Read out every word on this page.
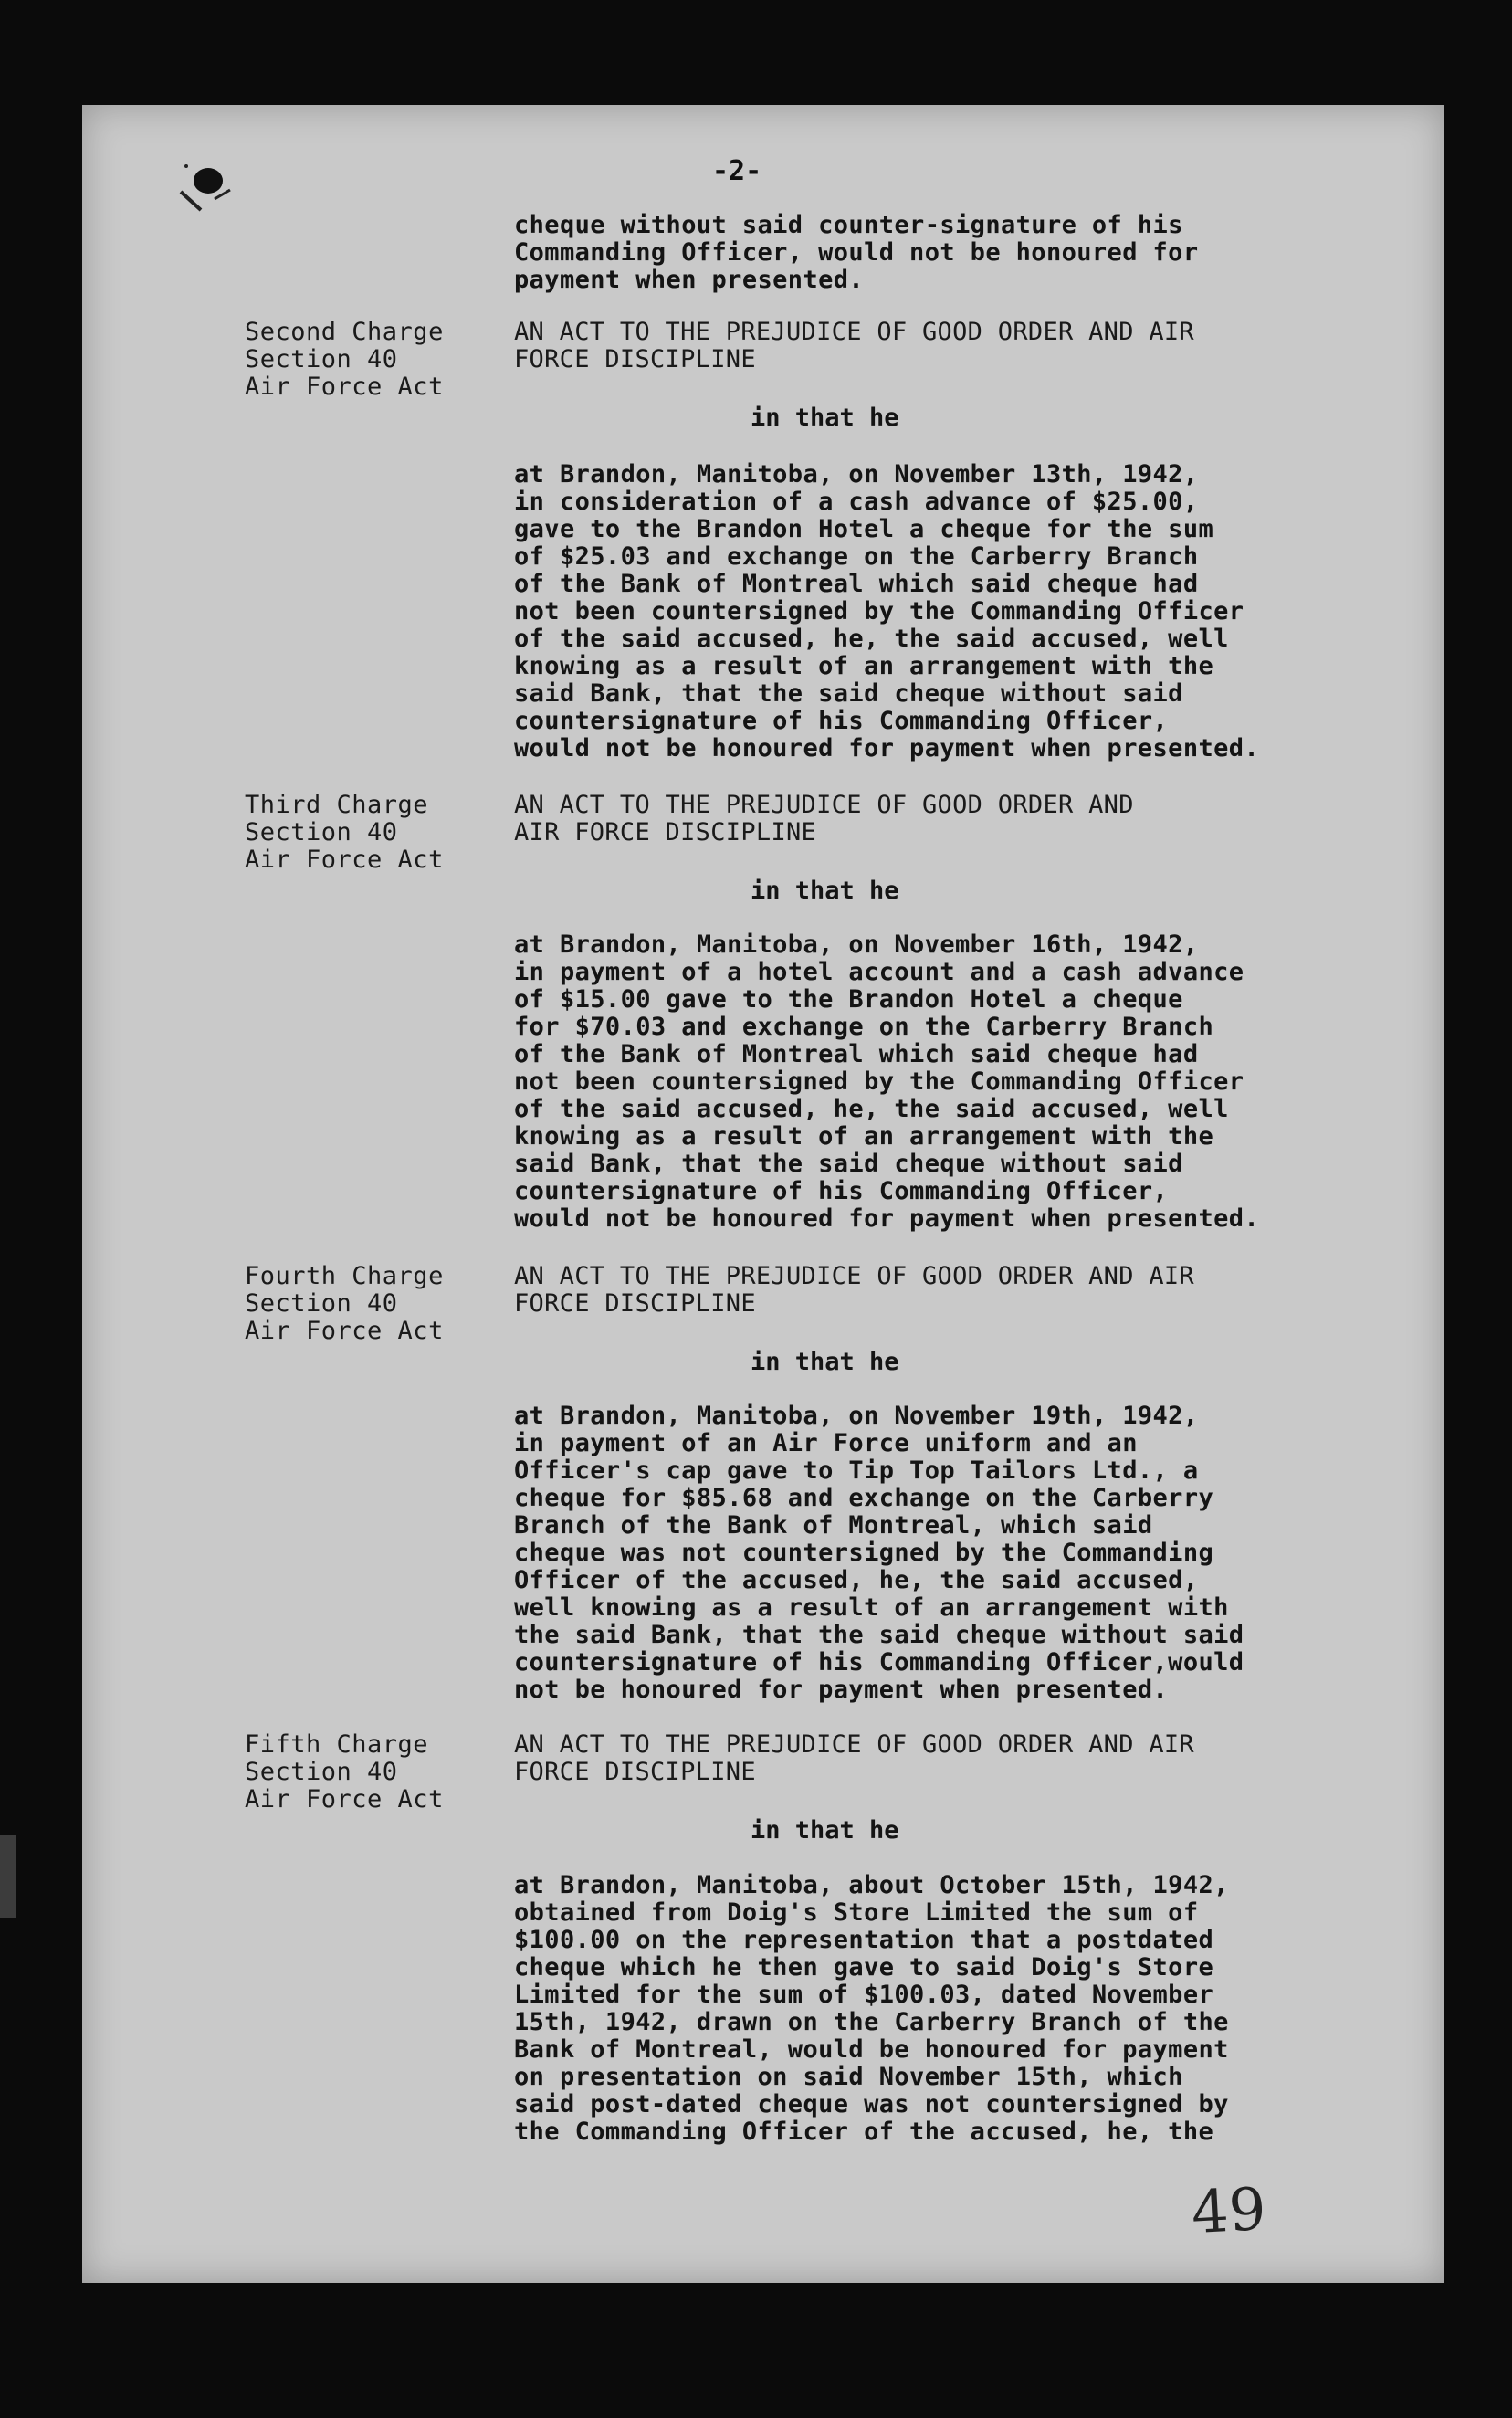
-2-
cheque without said counter-signature of his
Commanding Officer, would not be honoured for
payment when presented.
Second Charge
Section 40
Air Force Act
AN ACT TO THE PREJUDICE OF GOOD ORDER AND AIR
FORCE DISCIPLINE
in that he
at Brandon, Manitoba, on November 13th, 1942,
in consideration of a cash advance of $25.00,
gave to the Brandon Hotel a cheque for the sum
of $25.03 and exchange on the Carberry Branch
of the Bank of Montreal which said cheque had
not been countersigned by the Commanding Officer
of the said accused, he, the said accused, well
knowing as a result of an arrangement with the
said Bank, that the said cheque without said
countersignature of his Commanding Officer,
would not be honoured for payment when presented.
Third Charge
Section 40
Air Force Act
AN ACT TO THE PREJUDICE OF GOOD ORDER AND
AIR FORCE DISCIPLINE
in that he
at Brandon, Manitoba, on November 16th, 1942,
in payment of a hotel account and a cash advance
of $15.00 gave to the Brandon Hotel a cheque
for $70.03 and exchange on the Carberry Branch
of the Bank of Montreal which said cheque had
not been countersigned by the Commanding Officer
of the said accused, he, the said accused, well
knowing as a result of an arrangement with the
said Bank, that the said cheque without said
countersignature of his Commanding Officer,
would not be honoured for payment when presented.
Fourth Charge
Section 40
Air Force Act
AN ACT TO THE PREJUDICE OF GOOD ORDER AND AIR
FORCE DISCIPLINE
in that he
at Brandon, Manitoba, on November 19th, 1942,
in payment of an Air Force uniform and an
Officer's cap gave to Tip Top Tailors Ltd., a
cheque for $85.68 and exchange on the Carberry
Branch of the Bank of Montreal, which said
cheque was not countersigned by the Commanding
Officer of the accused, he, the said accused,
well knowing as a result of an arrangement with
the said Bank, that the said cheque without said
countersignature of his Commanding Officer,would
not be honoured for payment when presented.
Fifth Charge
Section 40
Air Force Act
AN ACT TO THE PREJUDICE OF GOOD ORDER AND AIR
FORCE DISCIPLINE
in that he
at Brandon, Manitoba, about October 15th, 1942,
obtained from Doig's Store Limited the sum of
$100.00 on the representation that a postdated
cheque which he then gave to said Doig's Store
Limited for the sum of $100.03, dated November
15th, 1942, drawn on the Carberry Branch of the
Bank of Montreal, would be honoured for payment
on presentation on said November 15th, which
said post-dated cheque was not countersigned by
the Commanding Officer of the accused, he, the
49
